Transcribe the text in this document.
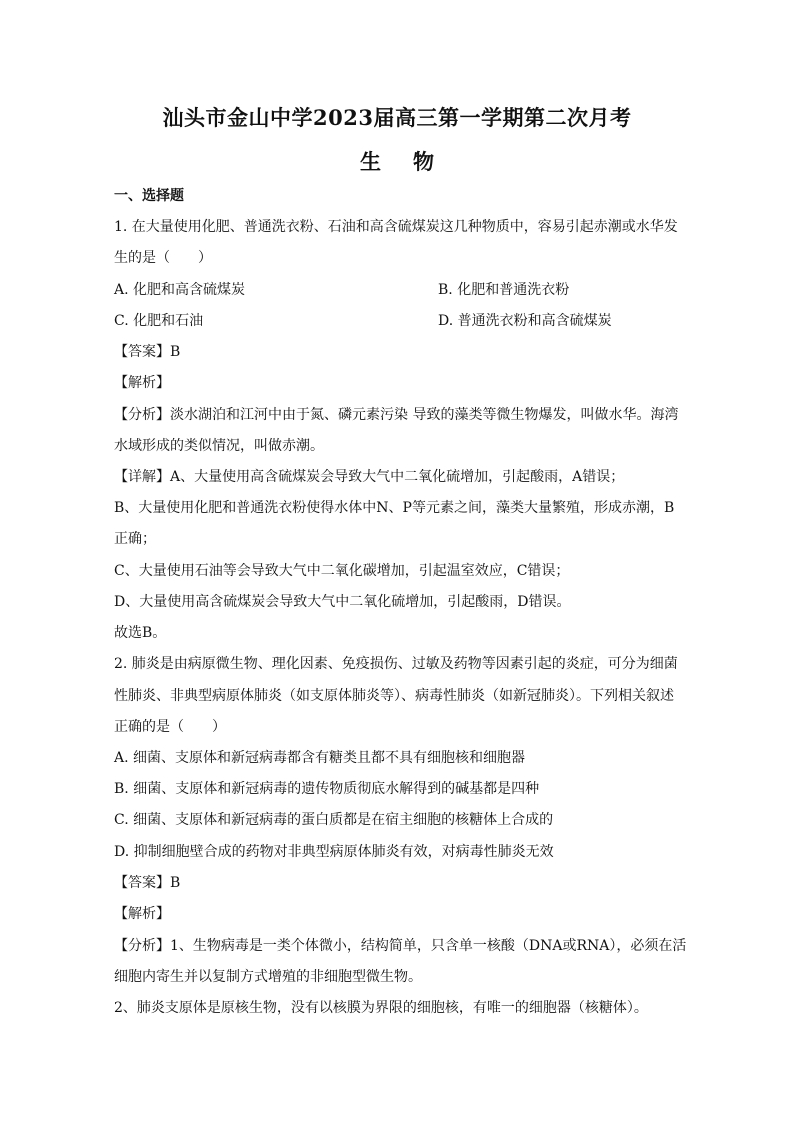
汕头市金山中学2023届高三第一学期第二次月考
生 物
一、选择题
1. 在大量使用化肥、普通洗衣粉、石油和高含硫煤炭这几种物质中，容易引起赤潮或水华发
生的是（　　）
A. 化肥和高含硫煤炭	B. 化肥和普通洗衣粉
C. 化肥和石油	D. 普通洗衣粉和高含硫煤炭
【答案】B
【解析】
【分析】淡水湖泊和江河中由于氮、磷元素污染 导致的藻类等微生物爆发，叫做水华。海湾
水域形成的类似情况，叫做赤潮。
【详解】A、大量使用高含硫煤炭会导致大气中二氧化硫增加，引起酸雨，A错误；
B、大量使用化肥和普通洗衣粉使得水体中N、P等元素之间，藻类大量繁殖，形成赤潮，B
正确；
C、大量使用石油等会导致大气中二氧化碳增加，引起温室效应，C错误；
D、大量使用高含硫煤炭会导致大气中二氧化硫增加，引起酸雨，D错误。
故选B。
2. 肺炎是由病原微生物、理化因素、免疫损伤、过敏及药物等因素引起的炎症，可分为细菌
性肺炎、非典型病原体肺炎（如支原体肺炎等）、病毒性肺炎（如新冠肺炎）。下列相关叙述
正确的是（　　）
A. 细菌、支原体和新冠病毒都含有糖类且都不具有细胞核和细胞器
B. 细菌、支原体和新冠病毒的遗传物质彻底水解得到的碱基都是四种
C. 细菌、支原体和新冠病毒的蛋白质都是在宿主细胞的核糖体上合成的
D. 抑制细胞壁合成的药物对非典型病原体肺炎有效，对病毒性肺炎无效
【答案】B
【解析】
【分析】1、生物病毒是一类个体微小，结构简单，只含单一核酸（DNA或RNA），必须在活
细胞内寄生并以复制方式增殖的非细胞型微生物。
2、肺炎支原体是原核生物，没有以核膜为界限的细胞核，有唯一的细胞器（核糖体）。
